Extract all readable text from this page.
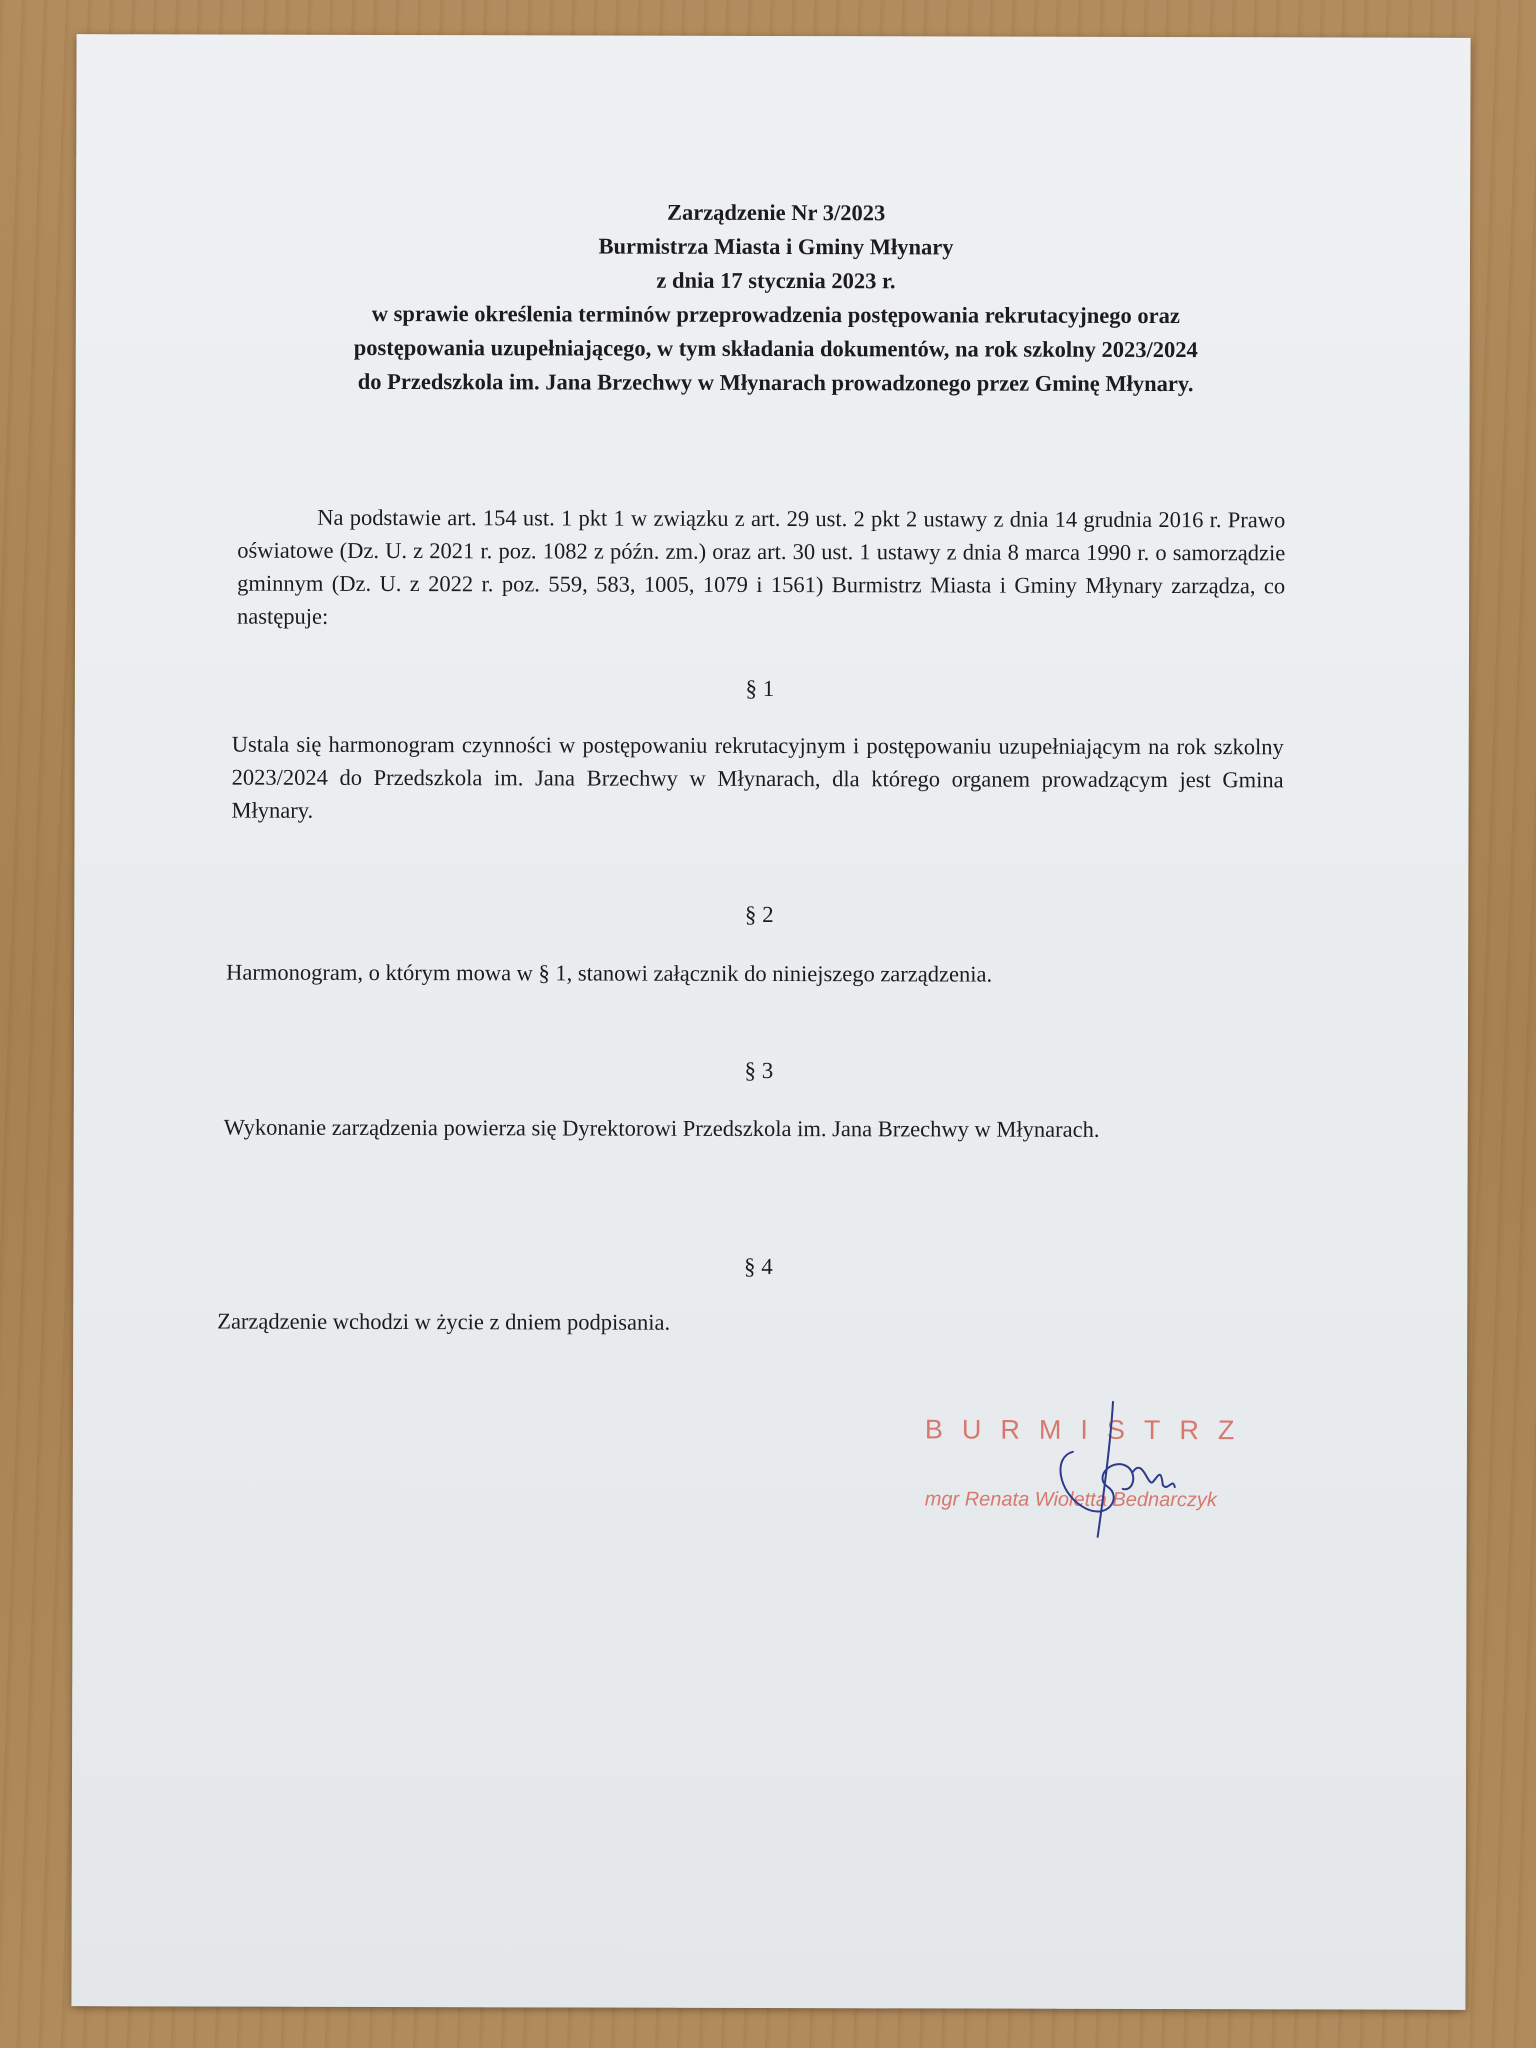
Zarządzenie Nr 3/2023
Burmistrza Miasta i Gminy Młynary
z dnia 17 stycznia 2023 r.
w sprawie określenia terminów przeprowadzenia postępowania rekrutacyjnego oraz
postępowania uzupełniającego, w tym składania dokumentów, na rok szkolny 2023/2024
do Przedszkola im. Jana Brzechwy w Młynarach prowadzonego przez Gminę Młynary.
Na podstawie art. 154 ust. 1 pkt 1 w związku z art. 29 ust. 2 pkt 2 ustawy z dnia 14 grudnia 2016 r. Prawo oświatowe (Dz. U. z 2021 r. poz. 1082 z późn. zm.) oraz art. 30 ust. 1 ustawy z dnia 8 marca 1990 r. o samorządzie gminnym (Dz. U. z 2022 r. poz. 559, 583, 1005, 1079 i 1561) Burmistrz Miasta i Gminy Młynary zarządza, co następuje:
§ 1
Ustala się harmonogram czynności w postępowaniu rekrutacyjnym i postępowaniu uzupełniającym na rok szkolny 2023/2024 do Przedszkola im. Jana Brzechwy w Młynarach, dla którego organem prowadzącym jest Gmina Młynary.
§ 2
Harmonogram, o którym mowa w § 1, stanowi załącznik do niniejszego zarządzenia.
§ 3
Wykonanie zarządzenia powierza się Dyrektorowi Przedszkola im. Jana Brzechwy w Młynarach.
§ 4
Zarządzenie wchodzi w życie z dniem podpisania.
BURMISTRZ
mgr Renata Wioletta Bednarczyk
